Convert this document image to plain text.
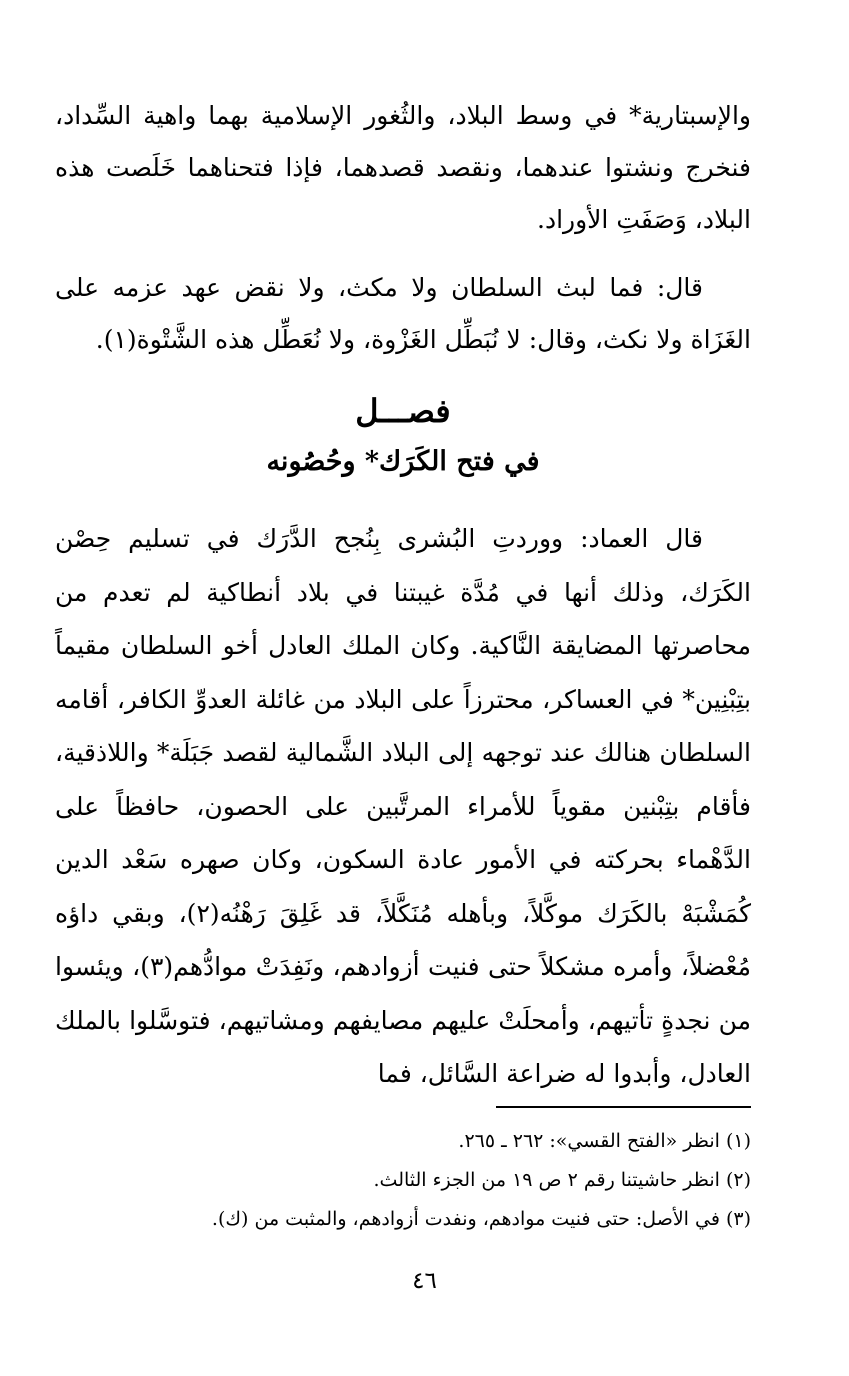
والإسبتارية* في وسط البلاد، والثُغور الإسلامية بهما واهية السِّداد، فنخرج ونشتوا عندهما، ونقصد قصدهما، فإذا فتحناهما خَلَصت هذه البلاد، وَصَفَتِ الأوراد.

قال: فما لبث السلطان ولا مكث، ولا نقض عهد عزمه على الغَزَاة ولا نكث، وقال: لا نُبَطِّل الغَزْوة، ولا نُعَطِّل هذه الشَّتْوة(١).

فصـــل
في فتح الكَرَك* وحُصُونه

قال العماد: ووردتِ البُشرى بِنُجح الدَّرَك في تسليم حِصْن الكَرَك، وذلك أنها في مُدَّة غيبتنا في بلاد أنطاكية لم تعدم من محاصرتها المضايقة النَّاكية. وكان الملك العادل أخو السلطان مقيماً بتِبْنِين* في العساكر، محترزاً على البلاد من غائلة العدوِّ الكافر، أقامه السلطان هنالك عند توجهه إلى البلاد الشَّمالية لقصد جَبَلَة* واللاذقية، فأقام بتِبْنين مقوياً للأمراء المرتَّبين على الحصون، حافظاً على الدَّهْماء بحركته في الأمور عادة السكون، وكان صهره سَعْد الدين كُمَشْبَهْ بالكَرَك موكَّلاً، وبأهله مُنَكَّلاً، قد غَلِقَ رَهْنُه(٢)، وبقي داؤه مُعْضلاً، وأمره مشكلاً حتى فنيت أزوادهم، ونَفِدَتْ موادُّهم(٣)، ويئسوا من نجدةٍ تأتيهم، وأمحلَتْ عليهم مصايفهم ومشاتيهم، فتوسَّلوا بالملك العادل، وأبدوا له ضراعة السَّائل، فما

(١) انظر «الفتح القسي»: ٢٦٢ ـ ٢٦٥.

(٢) انظر حاشيتنا رقم ٢ ص ١٩ من الجزء الثالث.

(٣) في الأصل: حتى فنيت موادهم، ونفدت أزوادهم، والمثبت من (ك).

٤٦
